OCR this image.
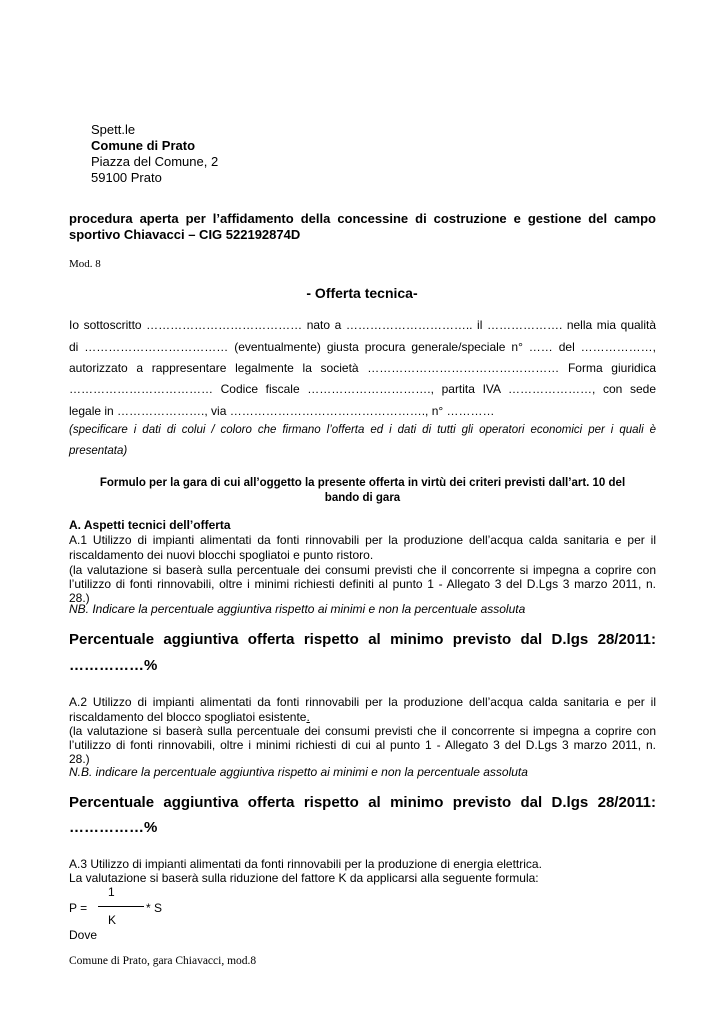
Spett.le
Comune di Prato
Piazza del Comune, 2
59100 Prato
procedura aperta per l’affidamento della concessine di costruzione e gestione del campo
sportivo Chiavacci – CIG 522192874D
Mod. 8
- Offerta tecnica-
Io sottoscritto ………………………………… nato a ………………………….. il ………………. nella mia qualità
di ……………………………… (eventualmente) giusta procura generale/speciale n° …… del ………………,
autorizzato a rappresentare legalmente la società ………………………………………… Forma giuridica
……………………………… Codice fiscale …………………………., partita IVA …………………, con sede
legale in …………………., via …………………………………………., n° …………
(specificare i dati di colui / coloro che firmano l’offerta ed i dati di tutti gli operatori economici per i quali è
presentata)
Formulo per la gara di cui all’oggetto la presente offerta in virtù dei criteri previsti dall’art. 10 del
bando di gara
A. Aspetti tecnici dell’offerta
A.1 Utilizzo di impianti alimentati da fonti rinnovabili per la produzione dell’acqua calda sanitaria e per il
riscaldamento dei nuovi blocchi spogliatoi e punto ristoro.
(la valutazione si baserà sulla percentuale dei consumi previsti che il concorrente si impegna a coprire con
l’utilizzo di fonti rinnovabili, oltre i minimi richiesti definiti al punto 1 - Allegato 3 del D.Lgs 3 marzo 2011, n.
28.)
NB. Indicare la percentuale aggiuntiva rispetto ai minimi e non la percentuale assoluta
Percentuale aggiuntiva offerta rispetto al minimo previsto dal D.lgs 28/2011:
……………%
A.2 Utilizzo di impianti alimentati da fonti rinnovabili per la produzione dell’acqua calda sanitaria e per il
riscaldamento del blocco spogliatoi esistente.
(la valutazione si baserà sulla percentuale dei consumi previsti che il concorrente si impegna a coprire con
l’utilizzo di fonti rinnovabili, oltre i minimi richiesti di cui al punto 1 - Allegato 3 del D.Lgs 3 marzo 2011, n.
28.)
N.B. indicare la percentuale aggiuntiva rispetto ai minimi e non la percentuale assoluta
Percentuale aggiuntiva offerta rispetto al minimo previsto dal D.lgs 28/2011:
……………%
A.3 Utilizzo di impianti alimentati da fonti rinnovabili per la produzione di energia elettrica.
La valutazione si baserà sulla riduzione del fattore K da applicarsi alla seguente formula:
1
P =	* S
K
Dove
Comune di Prato, gara Chiavacci, mod.8
